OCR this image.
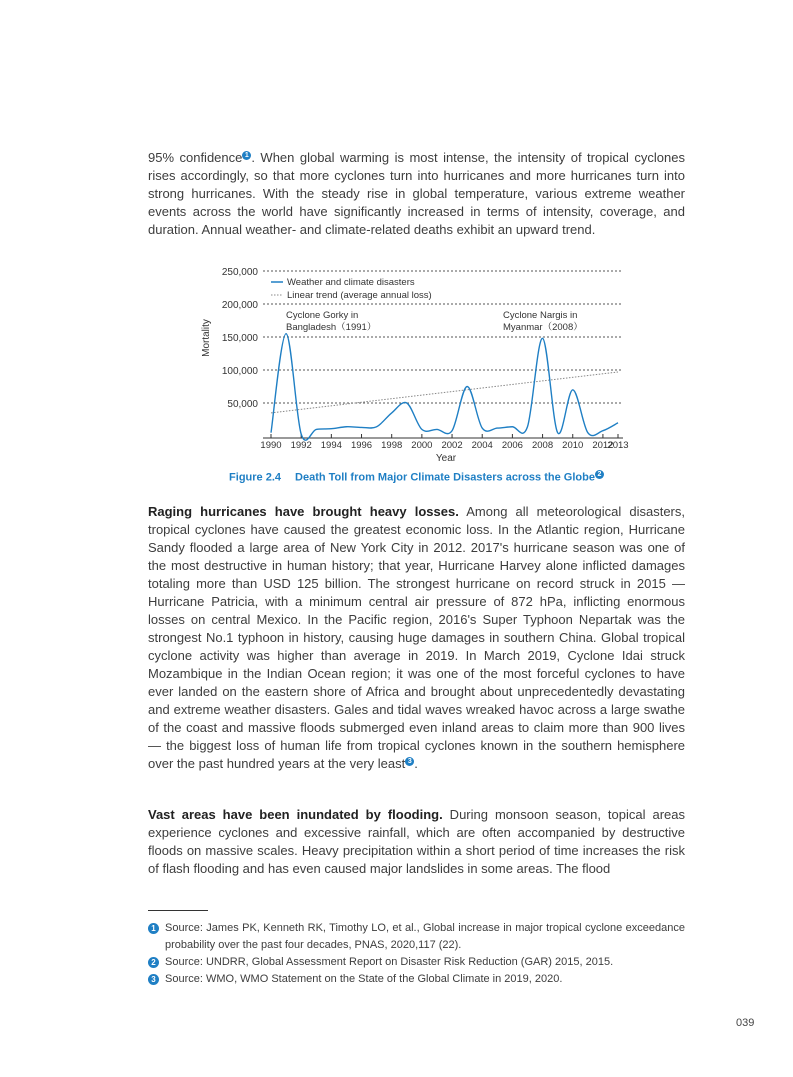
95% confidence 1 . When global warming is most intense, the intensity of tropical cyclones rises accordingly, so that more cyclones turn into hurricanes and more hurricanes turn into strong hurricanes. With the steady rise in global temperature, various extreme weather events across the world have significantly increased in terms of intensity, coverage, and duration. Annual weather- and climate-related deaths exhibit an upward trend.

50,000
100,000
150,000
200,000
250,000
Mortality
1990 1992 1994 1996 1998 2000 2002 2004 2006 2008 2010 2012
2013
Year
Weather and climate disasters
Linear trend (average annual loss)
Cyclone Gorky in
Bangladesh（1991）
Cyclone Nargis in
Myanmar（2008）
Figure 2.4 Death Toll from Major Climate Disasters across the Globe 2

Raging hurricanes have brought heavy losses. Among all meteorological disasters, tropical cyclones have caused the greatest economic loss. In the Atlantic region, Hurricane Sandy flooded a large area of New York City in 2012. 2017's hurricane season was one of the most destructive in human history; that year, Hurricane Harvey alone inflicted damages totaling more than USD 125 billion. The strongest hurricane on record struck in 2015 — Hurricane Patricia, with a minimum central air pressure of 872 hPa, inflicting enormous losses on central Mexico. In the Pacific region, 2016's Super Typhoon Nepartak was the strongest No.1 typhoon in history, causing huge damages in southern China. Global tropical cyclone activity was higher than average in 2019. In March 2019, Cyclone Idai struck Mozambique in the Indian Ocean region; it was one of the most forceful cyclones to have ever landed on the eastern shore of Africa and brought about unprecedentedly devastating and extreme weather disasters. Gales and tidal waves wreaked havoc across a large swathe of the coast and massive floods submerged even inland areas to claim more than 900 lives — the biggest loss of human life from tropical cyclones known in the southern hemisphere over the past hundred years at the very least 3 .

Vast areas have been inundated by flooding. During monsoon season, topical areas experience cyclones and excessive rainfall, which are often accompanied by destructive floods on massive scales. Heavy precipitation within a short period of time increases the risk of flash flooding and has even caused major landslides in some areas. The flood

1 Source: James PK, Kenneth RK, Timothy LO, et al., Global increase in major tropical cyclone exceedance probability over the past four decades, PNAS, 2020,117 (22).
2 Source: UNDRR, Global Assessment Report on Disaster Risk Reduction (GAR) 2015, 2015.
3 Source: WMO, WMO Statement on the State of the Global Climate in 2019, 2020.
039
